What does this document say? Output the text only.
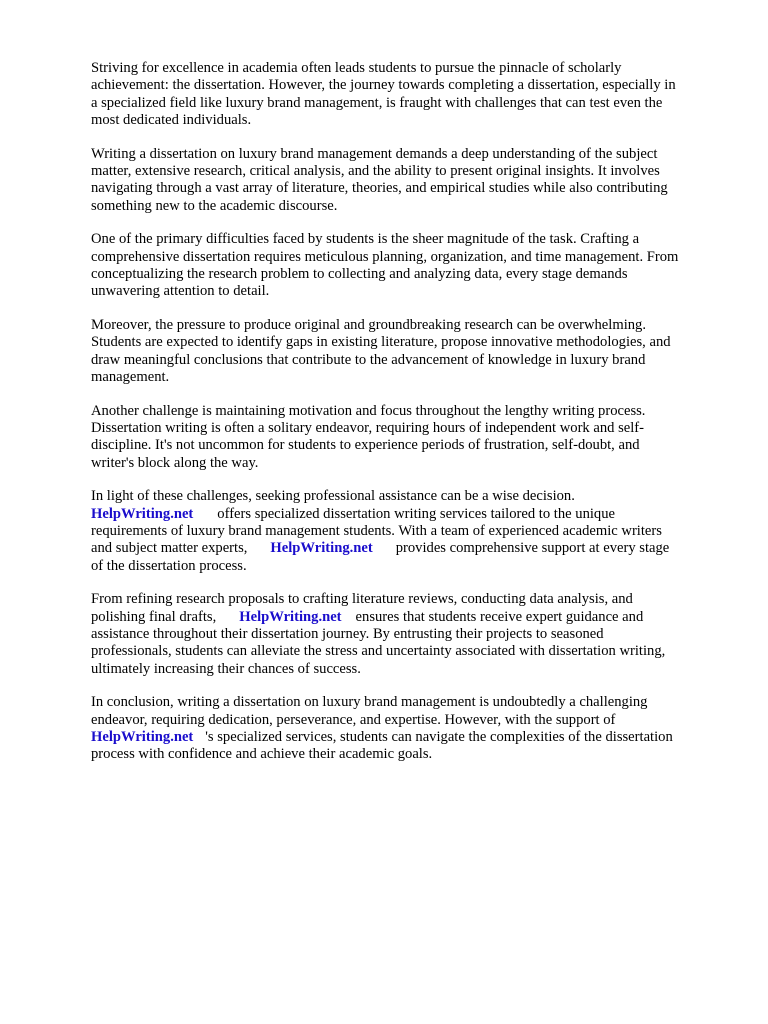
Striving for excellence in academia often leads students to pursue the pinnacle of scholarly
achievement: the dissertation. However, the journey towards completing a dissertation, especially in
a specialized field like luxury brand management, is fraught with challenges that can test even the
most dedicated individuals.

Writing a dissertation on luxury brand management demands a deep understanding of the subject
matter, extensive research, critical analysis, and the ability to present original insights. It involves
navigating through a vast array of literature, theories, and empirical studies while also contributing
something new to the academic discourse.

One of the primary difficulties faced by students is the sheer magnitude of the task. Crafting a
comprehensive dissertation requires meticulous planning, organization, and time management. From
conceptualizing the research problem to collecting and analyzing data, every stage demands
unwavering attention to detail.

Moreover, the pressure to produce original and groundbreaking research can be overwhelming.
Students are expected to identify gaps in existing literature, propose innovative methodologies, and
draw meaningful conclusions that contribute to the advancement of knowledge in luxury brand
management.

Another challenge is maintaining motivation and focus throughout the lengthy writing process.
Dissertation writing is often a solitary endeavor, requiring hours of independent work and self-
discipline. It's not uncommon for students to experience periods of frustration, self-doubt, and
writer's block along the way.

In light of these challenges, seeking professional assistance can be a wise decision.
HelpWriting.net offers specialized dissertation writing services tailored to the unique
requirements of luxury brand management students. With a team of experienced academic writers
and subject matter experts, HelpWriting.net provides comprehensive support at every stage
of the dissertation process.

From refining research proposals to crafting literature reviews, conducting data analysis, and
polishing final drafts, HelpWriting.net ensures that students receive expert guidance and
assistance throughout their dissertation journey. By entrusting their projects to seasoned
professionals, students can alleviate the stress and uncertainty associated with dissertation writing,
ultimately increasing their chances of success.

In conclusion, writing a dissertation on luxury brand management is undoubtedly a challenging
endeavor, requiring dedication, perseverance, and expertise. However, with the support of
HelpWriting.net 's specialized services, students can navigate the complexities of the dissertation
process with confidence and achieve their academic goals.
